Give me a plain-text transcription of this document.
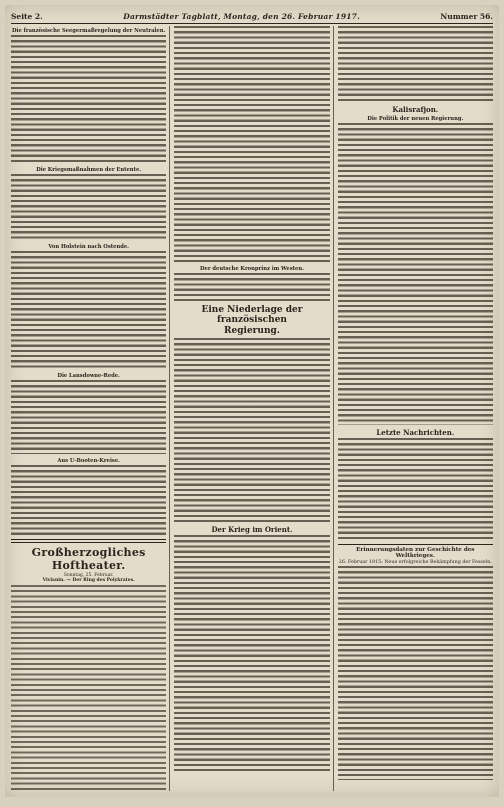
Seite 2.	Darmstädter Tagblatt, Montag, den 26. Februar 1917.	Nummer 56.
Die französische Seegermaßregelung der Neutralen.
Die Kriegsmaßnahmen der Entente.
Von Holstein nach Ostende.
Die Lansdowne-Rede.
Aus U-Booten-Kreise.
Großherzogliches Hoftheater.
Sonntag, 25. Februar.
Vivianin. — Der Ring des Polykrates.
Der deutsche Kronprinz im Westen.
Eine Niederlage der französischen
Regierung.
Der Krieg im Orient.
Kalisrafjon.
Die Politik der neuen Regierung.
Letzte Nachrichten.
Erinnerungsdaten zur Geschichte des Weltkrieges.
26. Februar 1915: Neue erfolgreiche Bekämpfung der Fesseln.
